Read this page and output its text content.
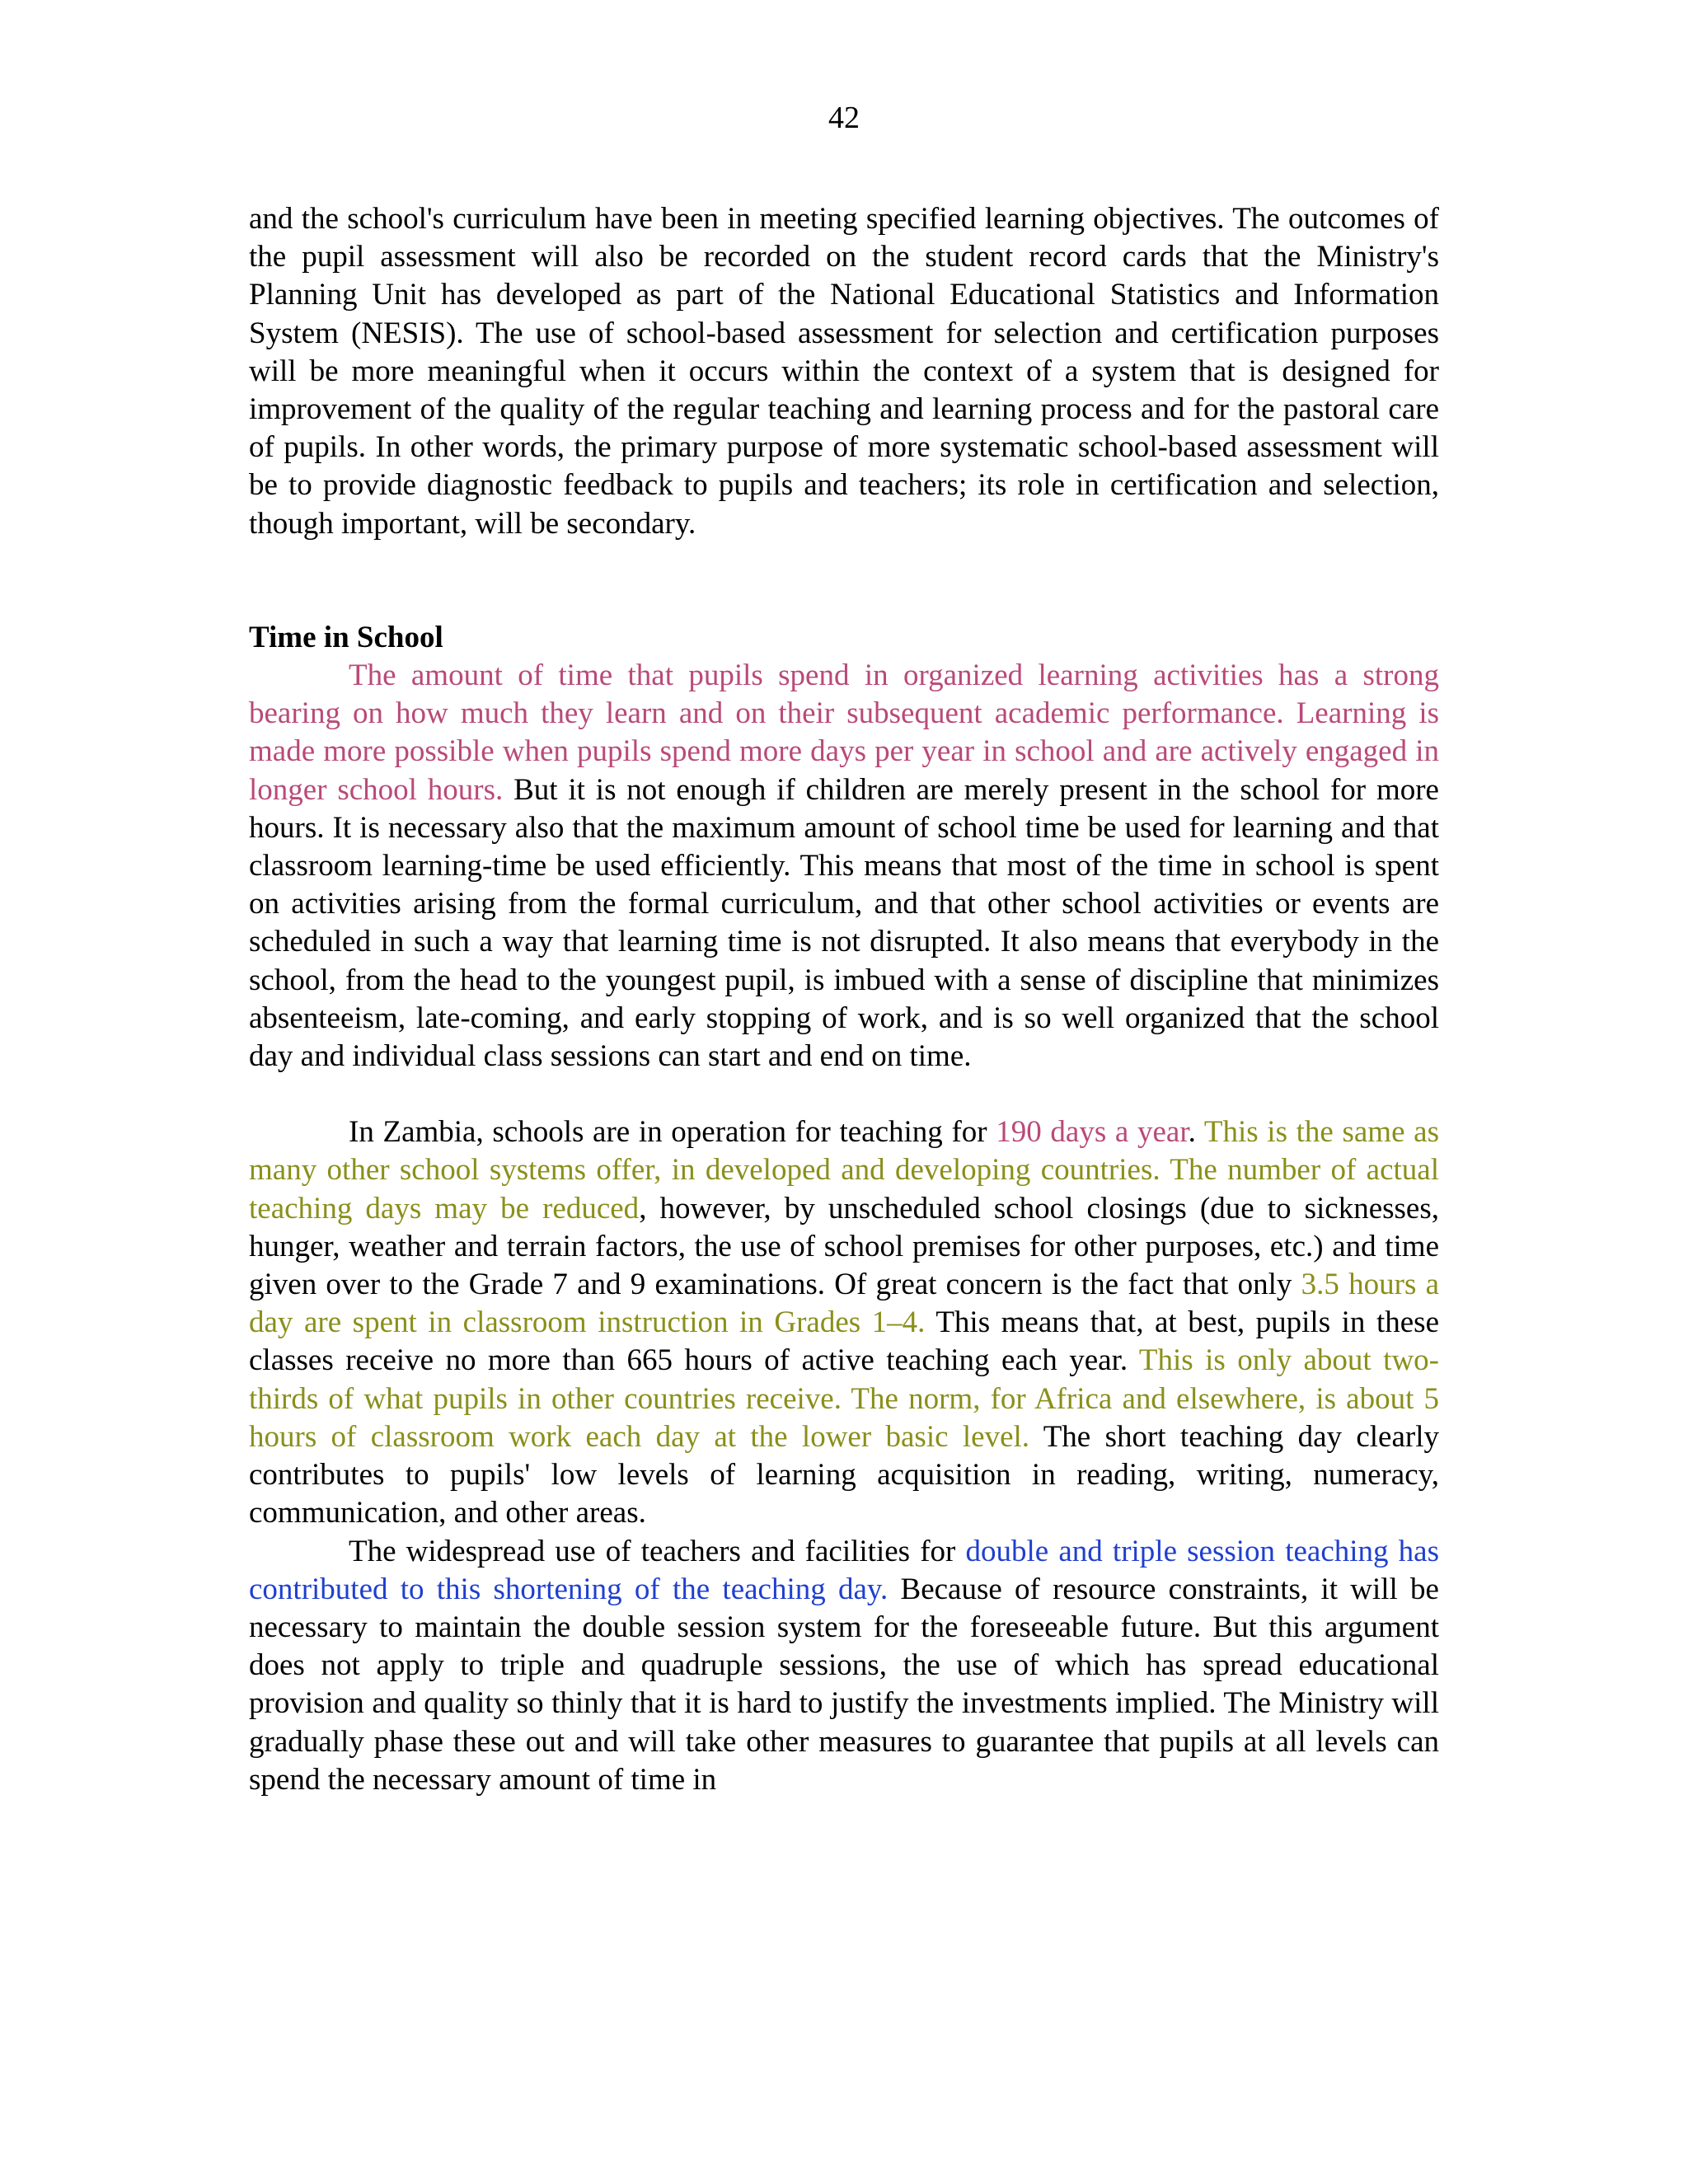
42

and the school's curriculum have been in meeting specified learning objectives. The outcomes of the pupil assessment will also be recorded on the student record cards that the Ministry's Planning Unit has developed as part of the National Educational Statistics and Information System (NESIS). The use of school-based assessment for selection and certification purposes will be more meaningful when it occurs within the context of a system that is designed for improvement of the quality of the regular teaching and learning process and for the pastoral care of pupils. In other words, the primary purpose of more systematic school-based assessment will be to provide diagnostic feedback to pupils and teachers; its role in certification and selection, though important, will be secondary.

Time in School

The amount of time that pupils spend in organized learning activities has a strong bearing on how much they learn and on their subsequent academic performance. Learning is made more possible when pupils spend more days per year in school and are actively engaged in longer school hours. But it is not enough if children are merely present in the school for more hours. It is necessary also that the maximum amount of school time be used for learning and that classroom learning-time be used efficiently. This means that most of the time in school is spent on activities arising from the formal curriculum, and that other school activities or events are scheduled in such a way that learning time is not disrupted. It also means that everybody in the school, from the head to the youngest pupil, is imbued with a sense of discipline that minimizes absenteeism, late-coming, and early stopping of work, and is so well organized that the school day and individual class sessions can start and end on time.

In Zambia, schools are in operation for teaching for 190 days a year. This is the same as many other school systems offer, in developed and developing countries. The number of actual teaching days may be reduced, however, by unscheduled school closings (due to sicknesses, hunger, weather and terrain factors, the use of school premises for other purposes, etc.) and time given over to the Grade 7 and 9 examinations. Of great concern is the fact that only 3.5 hours a day are spent in classroom instruction in Grades 1–4. This means that, at best, pupils in these classes receive no more than 665 hours of active teaching each year. This is only about two-thirds of what pupils in other countries receive. The norm, for Africa and elsewhere, is about 5 hours of classroom work each day at the lower basic level. The short teaching day clearly contributes to pupils' low levels of learning acquisition in reading, writing, numeracy, communication, and other areas.

The widespread use of teachers and facilities for double and triple session teaching has contributed to this shortening of the teaching day. Because of resource constraints, it will be necessary to maintain the double session system for the foreseeable future. But this argument does not apply to triple and quadruple sessions, the use of which has spread educational provision and quality so thinly that it is hard to justify the investments implied. The Ministry will gradually phase these out and will take other measures to guarantee that pupils at all levels can spend the necessary amount of time in
